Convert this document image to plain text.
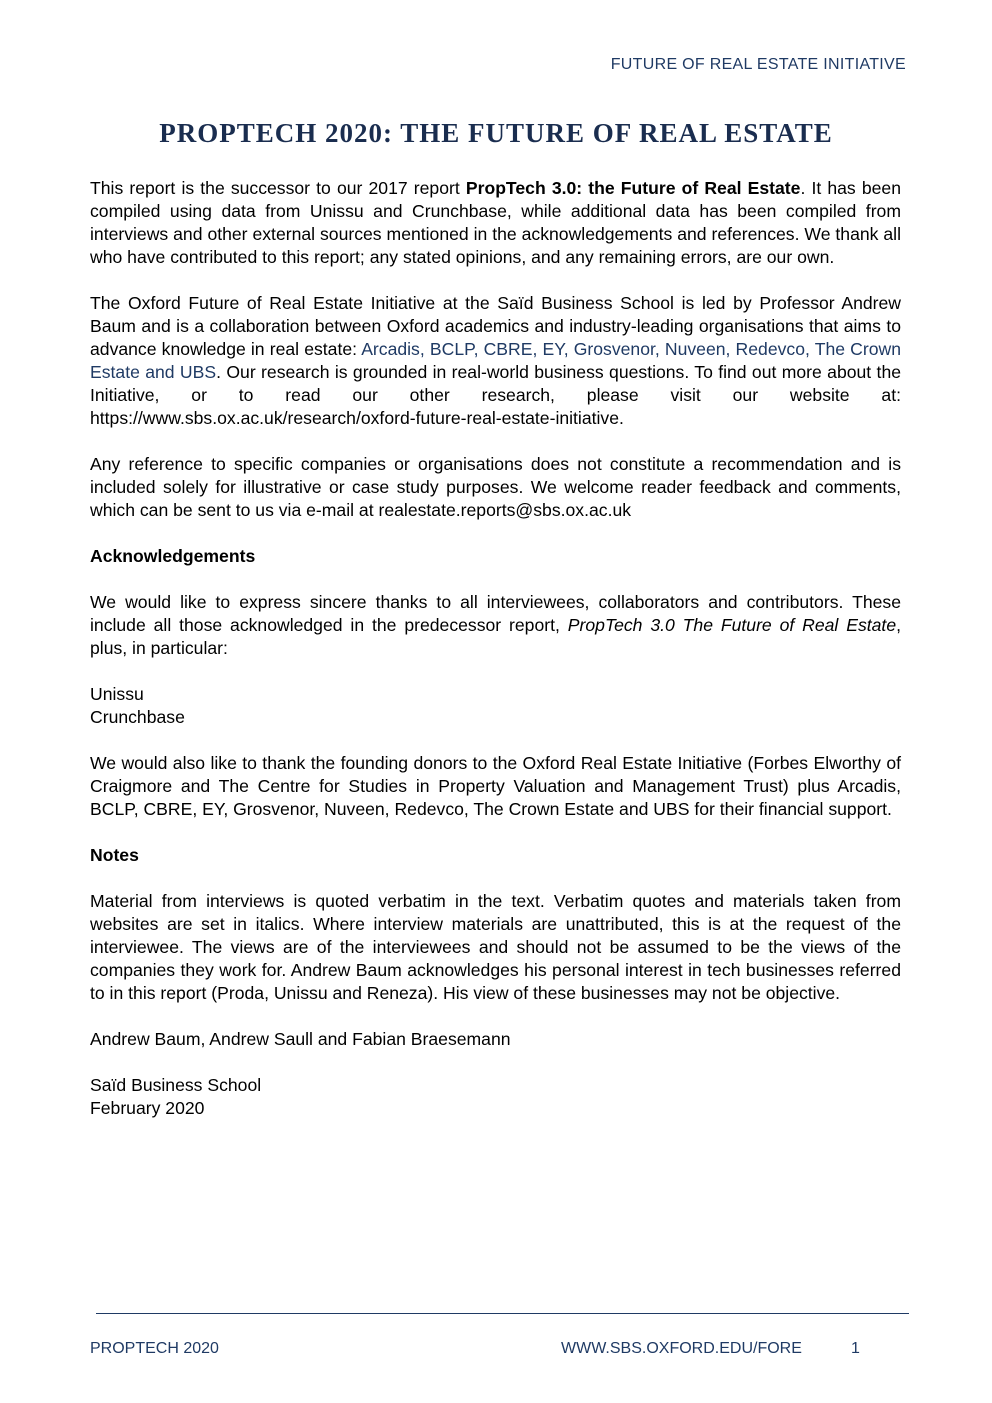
FUTURE OF REAL ESTATE INITIATIVE
PROPTECH 2020: THE FUTURE OF REAL ESTATE

This report is the successor to our 2017 report PropTech 3.0: the Future of Real Estate. It has been compiled using data from Unissu and Crunchbase, while additional data has been compiled from interviews and other external sources mentioned in the acknowledgements and references. We thank all who have contributed to this report; any stated opinions, and any remaining errors, are our own.

The Oxford Future of Real Estate Initiative at the Saïd Business School is led by Professor Andrew Baum and is a collaboration between Oxford academics and industry-leading organisations that aims to advance knowledge in real estate: Arcadis, BCLP, CBRE, EY, Grosvenor, Nuveen, Redevco, The Crown Estate and UBS. Our research is grounded in real-world business questions. To find out more about the Initiative, or to read our other research, please visit our website at: https://www.sbs.ox.ac.uk/research/oxford-future-real-estate-initiative.

Any reference to specific companies or organisations does not constitute a recommendation and is included solely for illustrative or case study purposes. We welcome reader feedback and comments, which can be sent to us via e-mail at realestate.reports@sbs.ox.ac.uk

Acknowledgements

We would like to express sincere thanks to all interviewees, collaborators and contributors. These include all those acknowledged in the predecessor report, PropTech 3.0 The Future of Real Estate, plus, in particular:

Unissu
Crunchbase

We would also like to thank the founding donors to the Oxford Real Estate Initiative (Forbes Elworthy of Craigmore and The Centre for Studies in Property Valuation and Management Trust) plus Arcadis, BCLP, CBRE, EY, Grosvenor, Nuveen, Redevco, The Crown Estate and UBS for their financial support.

Notes

Material from interviews is quoted verbatim in the text. Verbatim quotes and materials taken from websites are set in italics. Where interview materials are unattributed, this is at the request of the interviewee. The views are of the interviewees and should not be assumed to be the views of the companies they work for. Andrew Baum acknowledges his personal interest in tech businesses referred to in this report (Proda, Unissu and Reneza). His view of these businesses may not be objective.

Andrew Baum, Andrew Saull and Fabian Braesemann

Saïd Business School
February 2020

PROPTECH 2020	WWW.SBS.OXFORD.EDU/FORE	1
